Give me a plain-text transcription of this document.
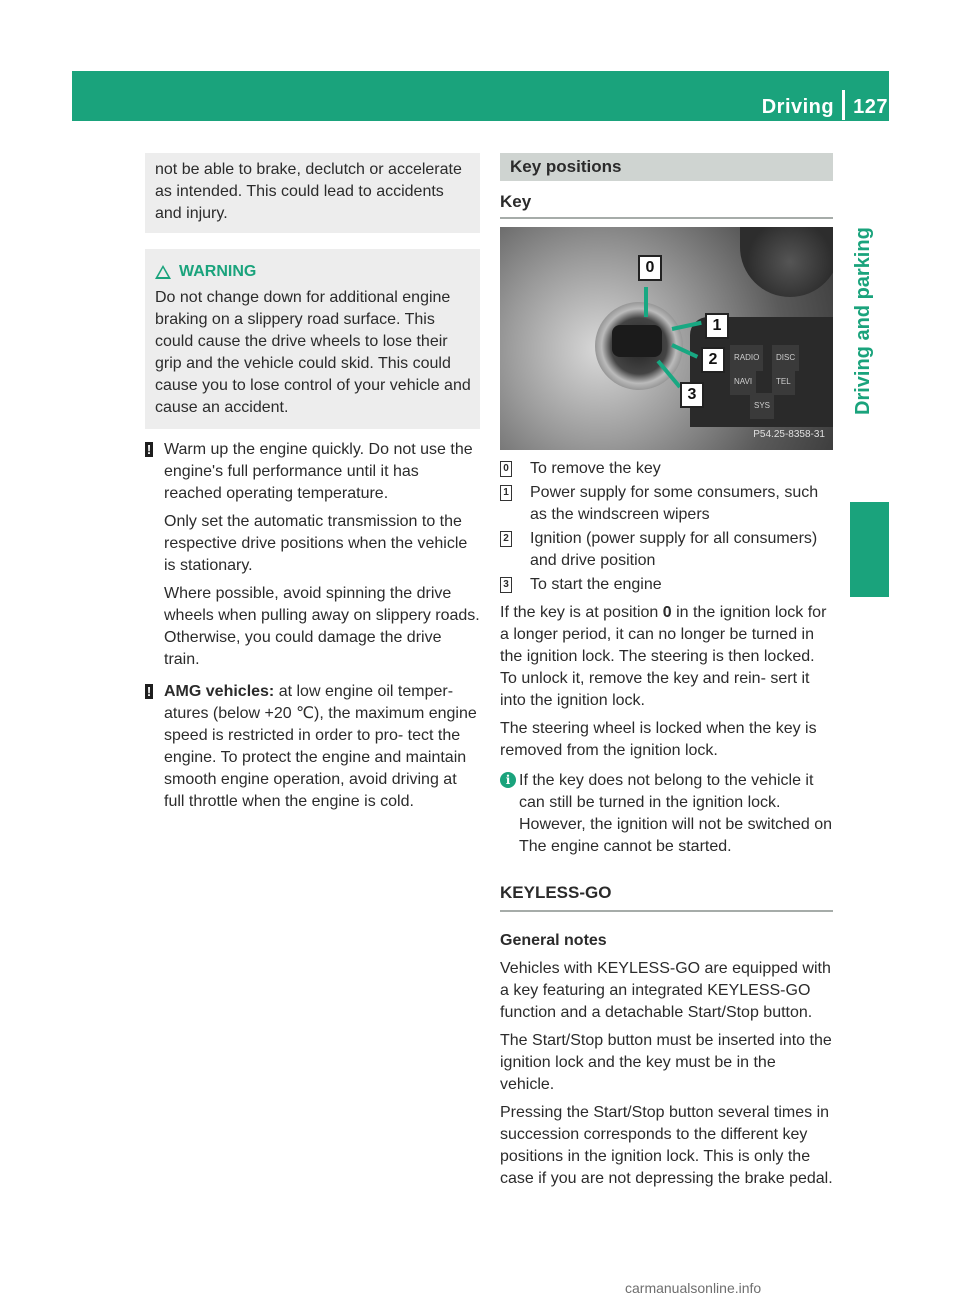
Driving 127
Driving and parking
not be able to brake, declutch or accelerate as intended. This could lead to accidents and injury.
WARNING
Do not change down for additional engine braking on a slippery road surface. This could cause the drive wheels to lose their grip and the vehicle could skid. This could cause you to lose control of your vehicle and cause an accident.
! Warm up the engine quickly. Do not use the engine's full performance until it has reached operating temperature.

Only set the automatic transmission to the respective drive positions when the vehicle is stationary.

Where possible, avoid spinning the drive wheels when pulling away on slippery roads. Otherwise, you could damage the drive train.

! AMG vehicles: at low engine oil temper- atures (below +20 ℃), the maximum engine speed is restricted in order to pro- tect the engine. To protect the engine and maintain smooth engine operation, avoid driving at full throttle when the engine is cold.

Key positions
Key
RADIO	DISC
NAVI	TEL
SYS
0
1
2
3
P54.25-8358-31
0 To remove the key
1 Power supply for some consumers, such as the windscreen wipers
2 Ignition (power supply for all consumers) and drive position
3 To start the engine

If the key is at position 0 in the ignition lock for a longer period, it can no longer be turned in the ignition lock. The steering is then locked. To unlock it, remove the key and rein- sert it into the ignition lock.

The steering wheel is locked when the key is removed from the ignition lock.

i If the key does not belong to the vehicle it can still be turned in the ignition lock. However, the ignition will not be switched on The engine cannot be started.
KEYLESS-GO
General notes

Vehicles with KEYLESS-GO are equipped with a key featuring an integrated KEYLESS-GO function and a detachable Start/Stop button.

The Start/Stop button must be inserted into the ignition lock and the key must be in the vehicle.

Pressing the Start/Stop button several times in succession corresponds to the different key positions in the ignition lock. This is only the case if you are not depressing the brake pedal.

carmanualsonline.info
